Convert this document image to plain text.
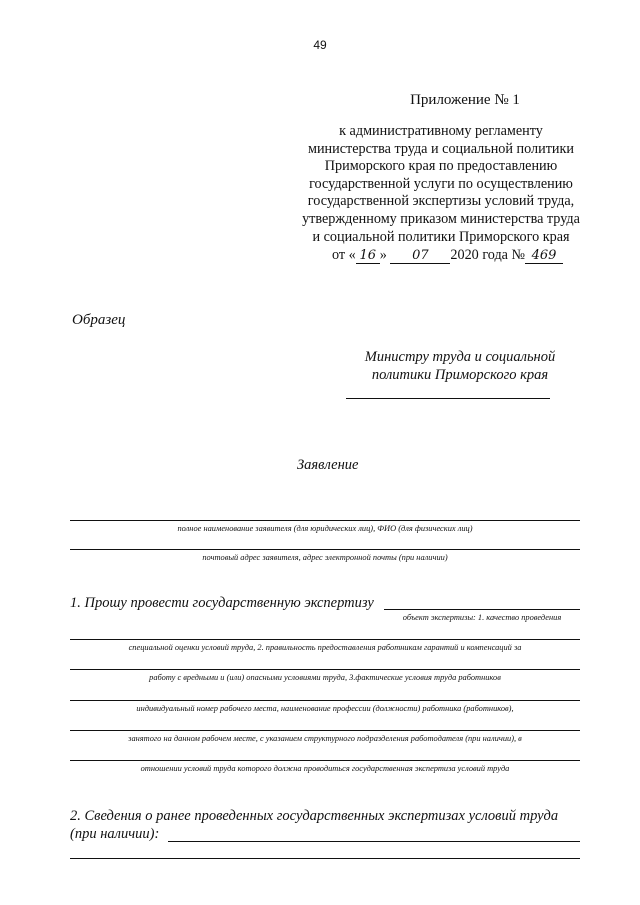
49
Приложение № 1
к административному регламенту
министерства труда и социальной политики
Приморского края по предоставлению
государственной услуги по осуществлению
государственной экспертизы условий труда,
утвержденному приказом министерства труда
и социальной политики Приморского края
от « 16 » 07 2020 года № 469
Образец
Министру труда и социальной
политики Приморского края
Заявление
полное наименование заявителя (для юридических лиц), ФИО (для физических лиц)
почтовый адрес заявителя, адрес электронной почты (при наличии)
1. Прошу провести государственную экспертизу
объект экспертизы: 1. качество проведения
специальной оценки условий труда, 2. правильность предоставления работникам гарантий и компенсаций за
работу с вредными и (или) опасными условиями труда, 3.фактические условия труда работников
индивидуальный номер рабочего места, наименование профессии (должности) работника (работников),
занятого на данном рабочем месте, с указанием структурного подразделения работодателя (при наличии), в
отношении условий труда которого должна проводиться государственная экспертиза условий труда
2. Сведения о ранее проведенных государственных экспертизах условий труда
(при наличии):
